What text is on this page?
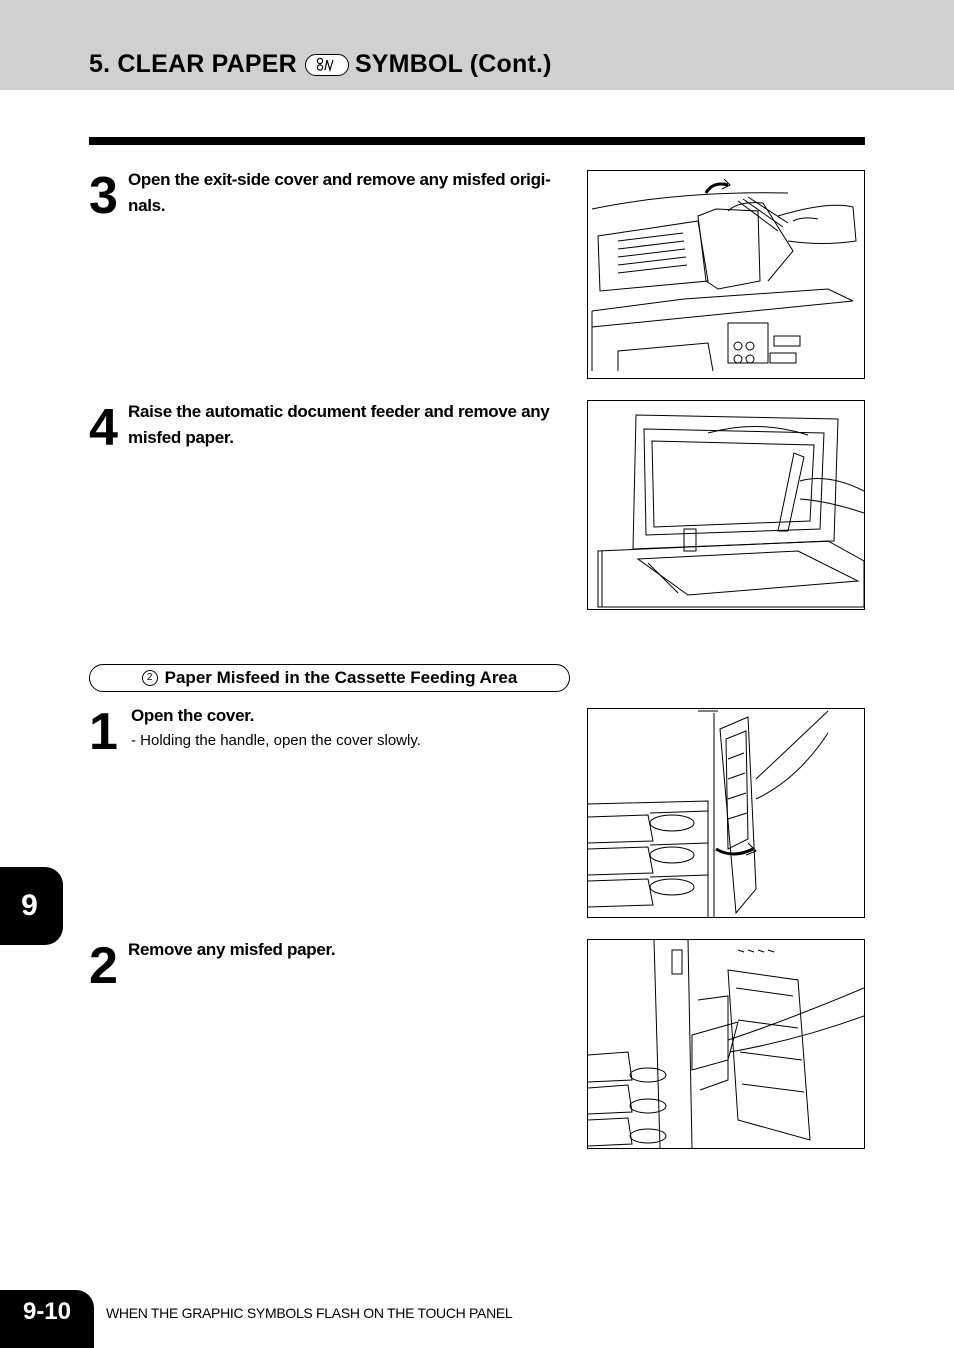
5. CLEAR PAPER SYMBOL (Cont.)
3 Open the exit-side cover and remove any misfed origi-
nals.
4 Raise the automatic document feeder and remove any
misfed paper.
2 Paper Misfeed in the Cassette Feeding Area
1 Open the cover.
- Holding the handle, open the cover slowly.
2 Remove any misfed paper.
9
9-10	WHEN THE GRAPHIC SYMBOLS FLASH ON THE TOUCH PANEL
